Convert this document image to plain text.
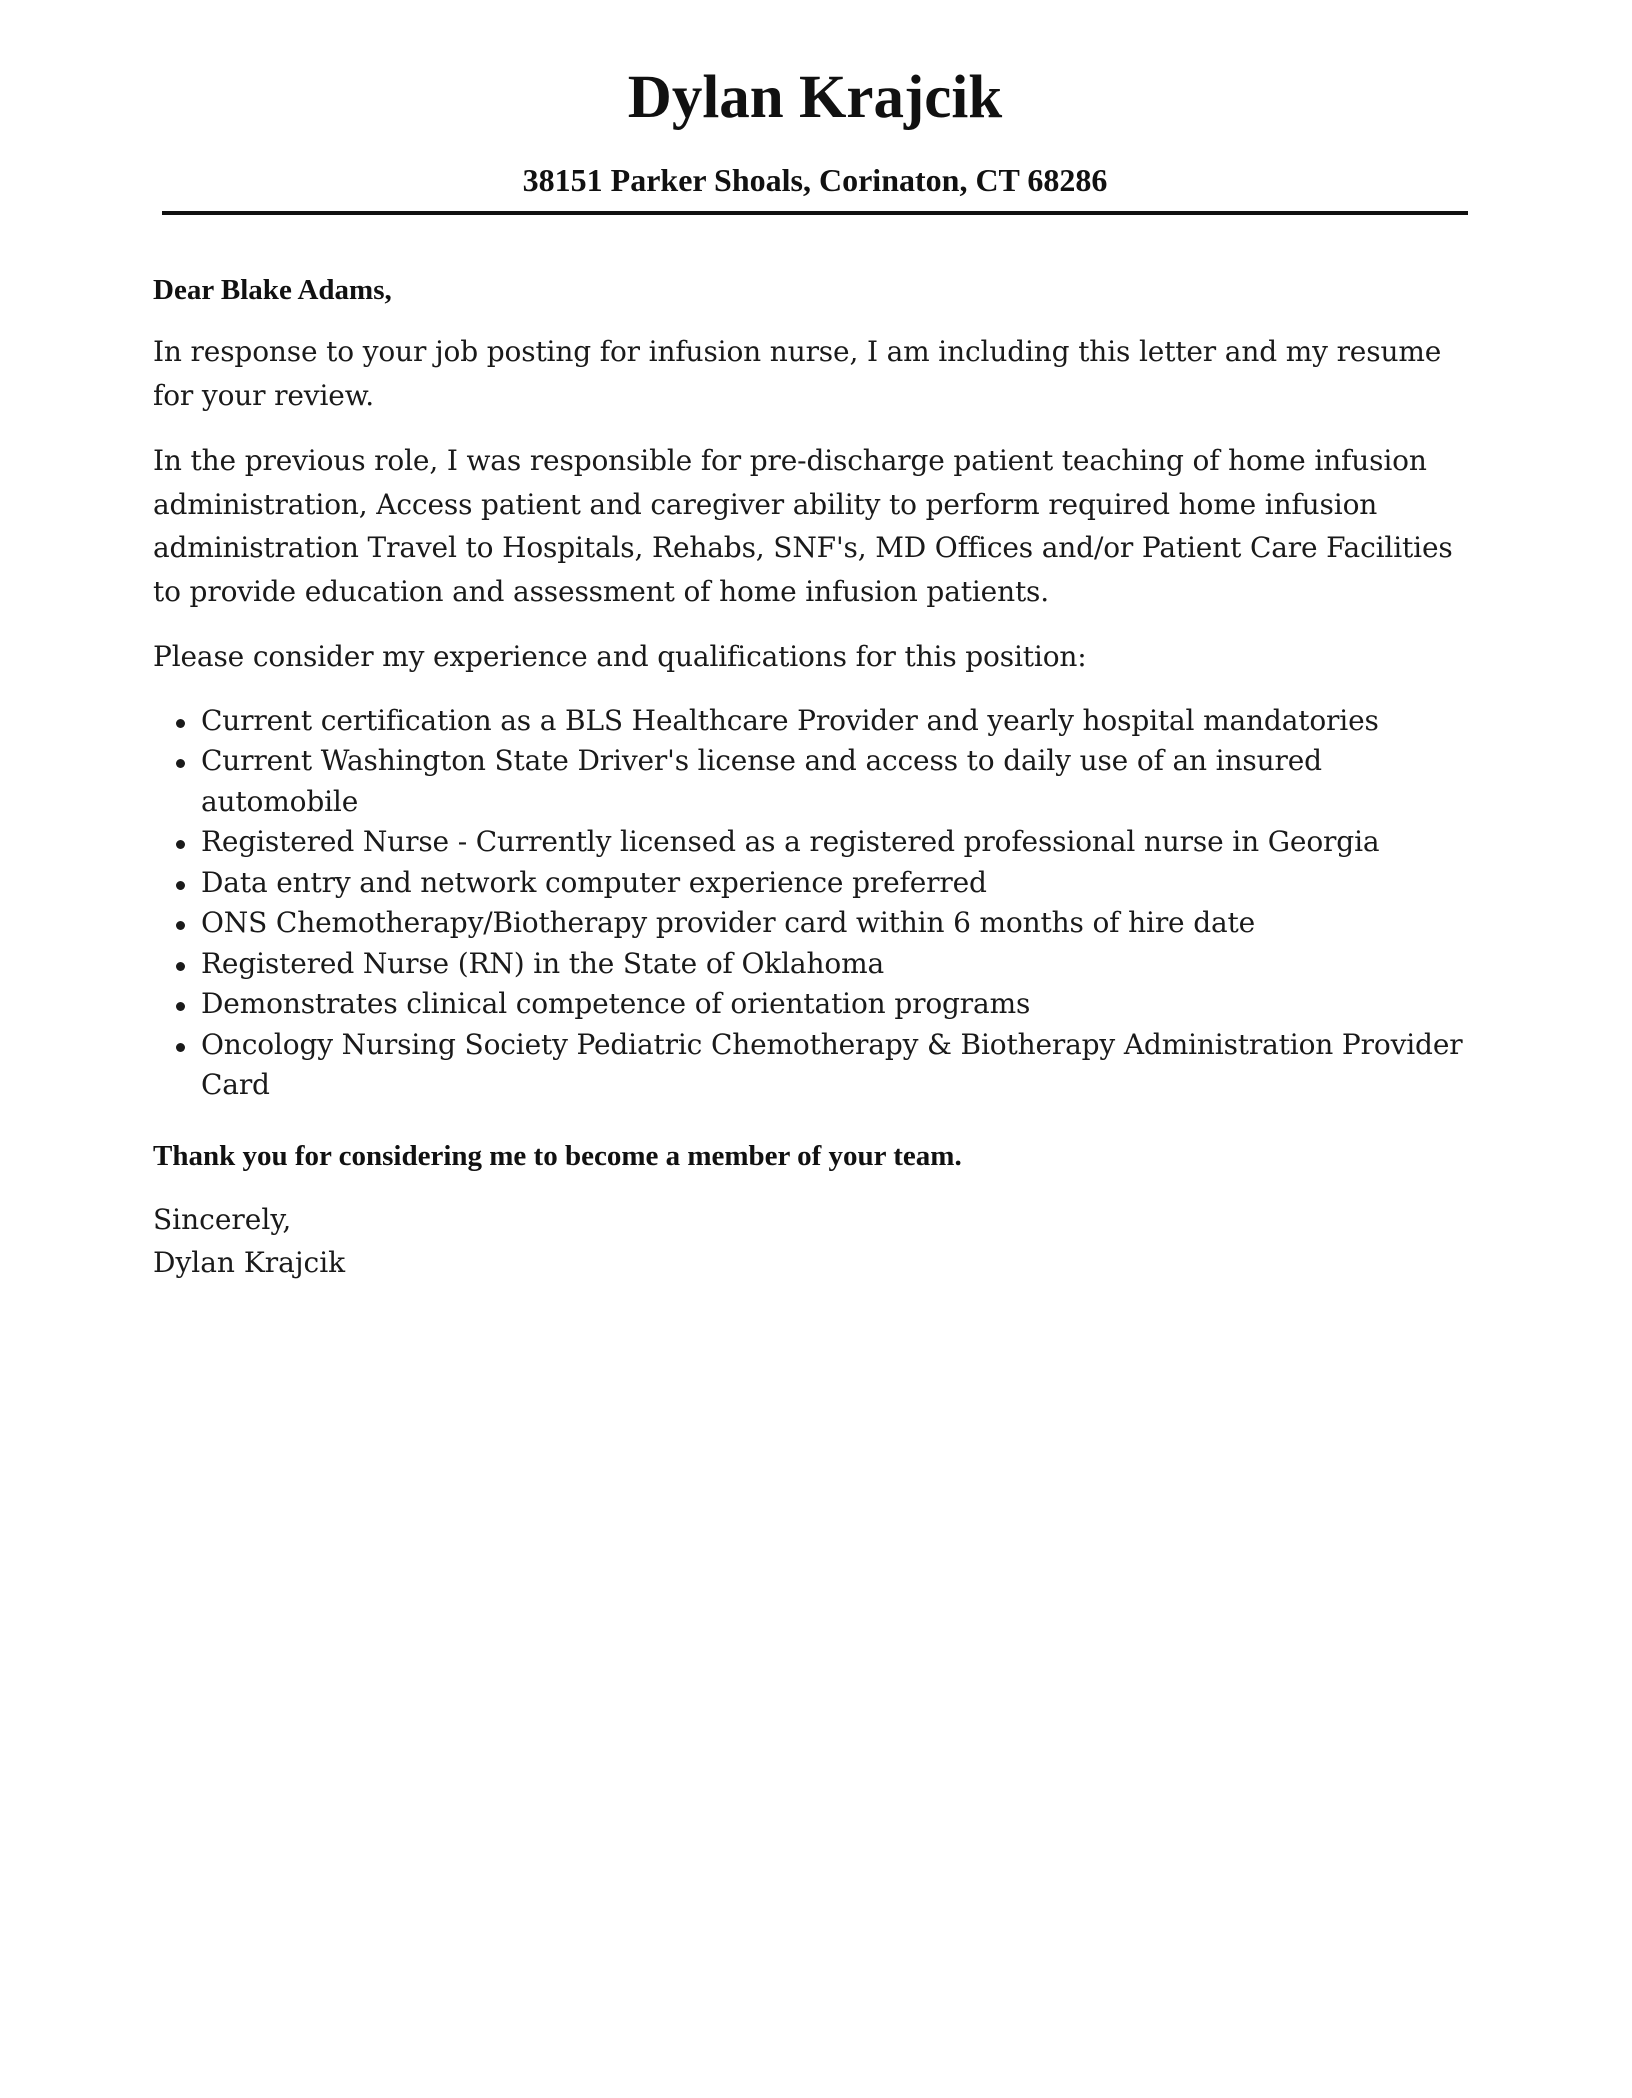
Dylan Krajcik
38151 Parker Shoals, Corinaton, CT 68286

Dear Blake Adams,

In response to your job posting for infusion nurse, I am including this letter and my resume for your review.

In the previous role, I was responsible for pre-discharge patient teaching of home infusion administration, Access patient and caregiver ability to perform required home infusion administration Travel to Hospitals, Rehabs, SNF's, MD Offices and/or Patient Care Facilities to provide education and assessment of home infusion patients.

Please consider my experience and qualifications for this position:

Current certification as a BLS Healthcare Provider and yearly hospital mandatories
Current Washington State Driver's license and access to daily use of an insured automobile
Registered Nurse - Currently licensed as a registered professional nurse in Georgia
Data entry and network computer experience preferred
ONS Chemotherapy/Biotherapy provider card within 6 months of hire date
Registered Nurse (RN) in the State of Oklahoma
Demonstrates clinical competence of orientation programs
Oncology Nursing Society Pediatric Chemotherapy & Biotherapy Administration Provider Card

Thank you for considering me to become a member of your team.

Sincerely,
Dylan Krajcik
